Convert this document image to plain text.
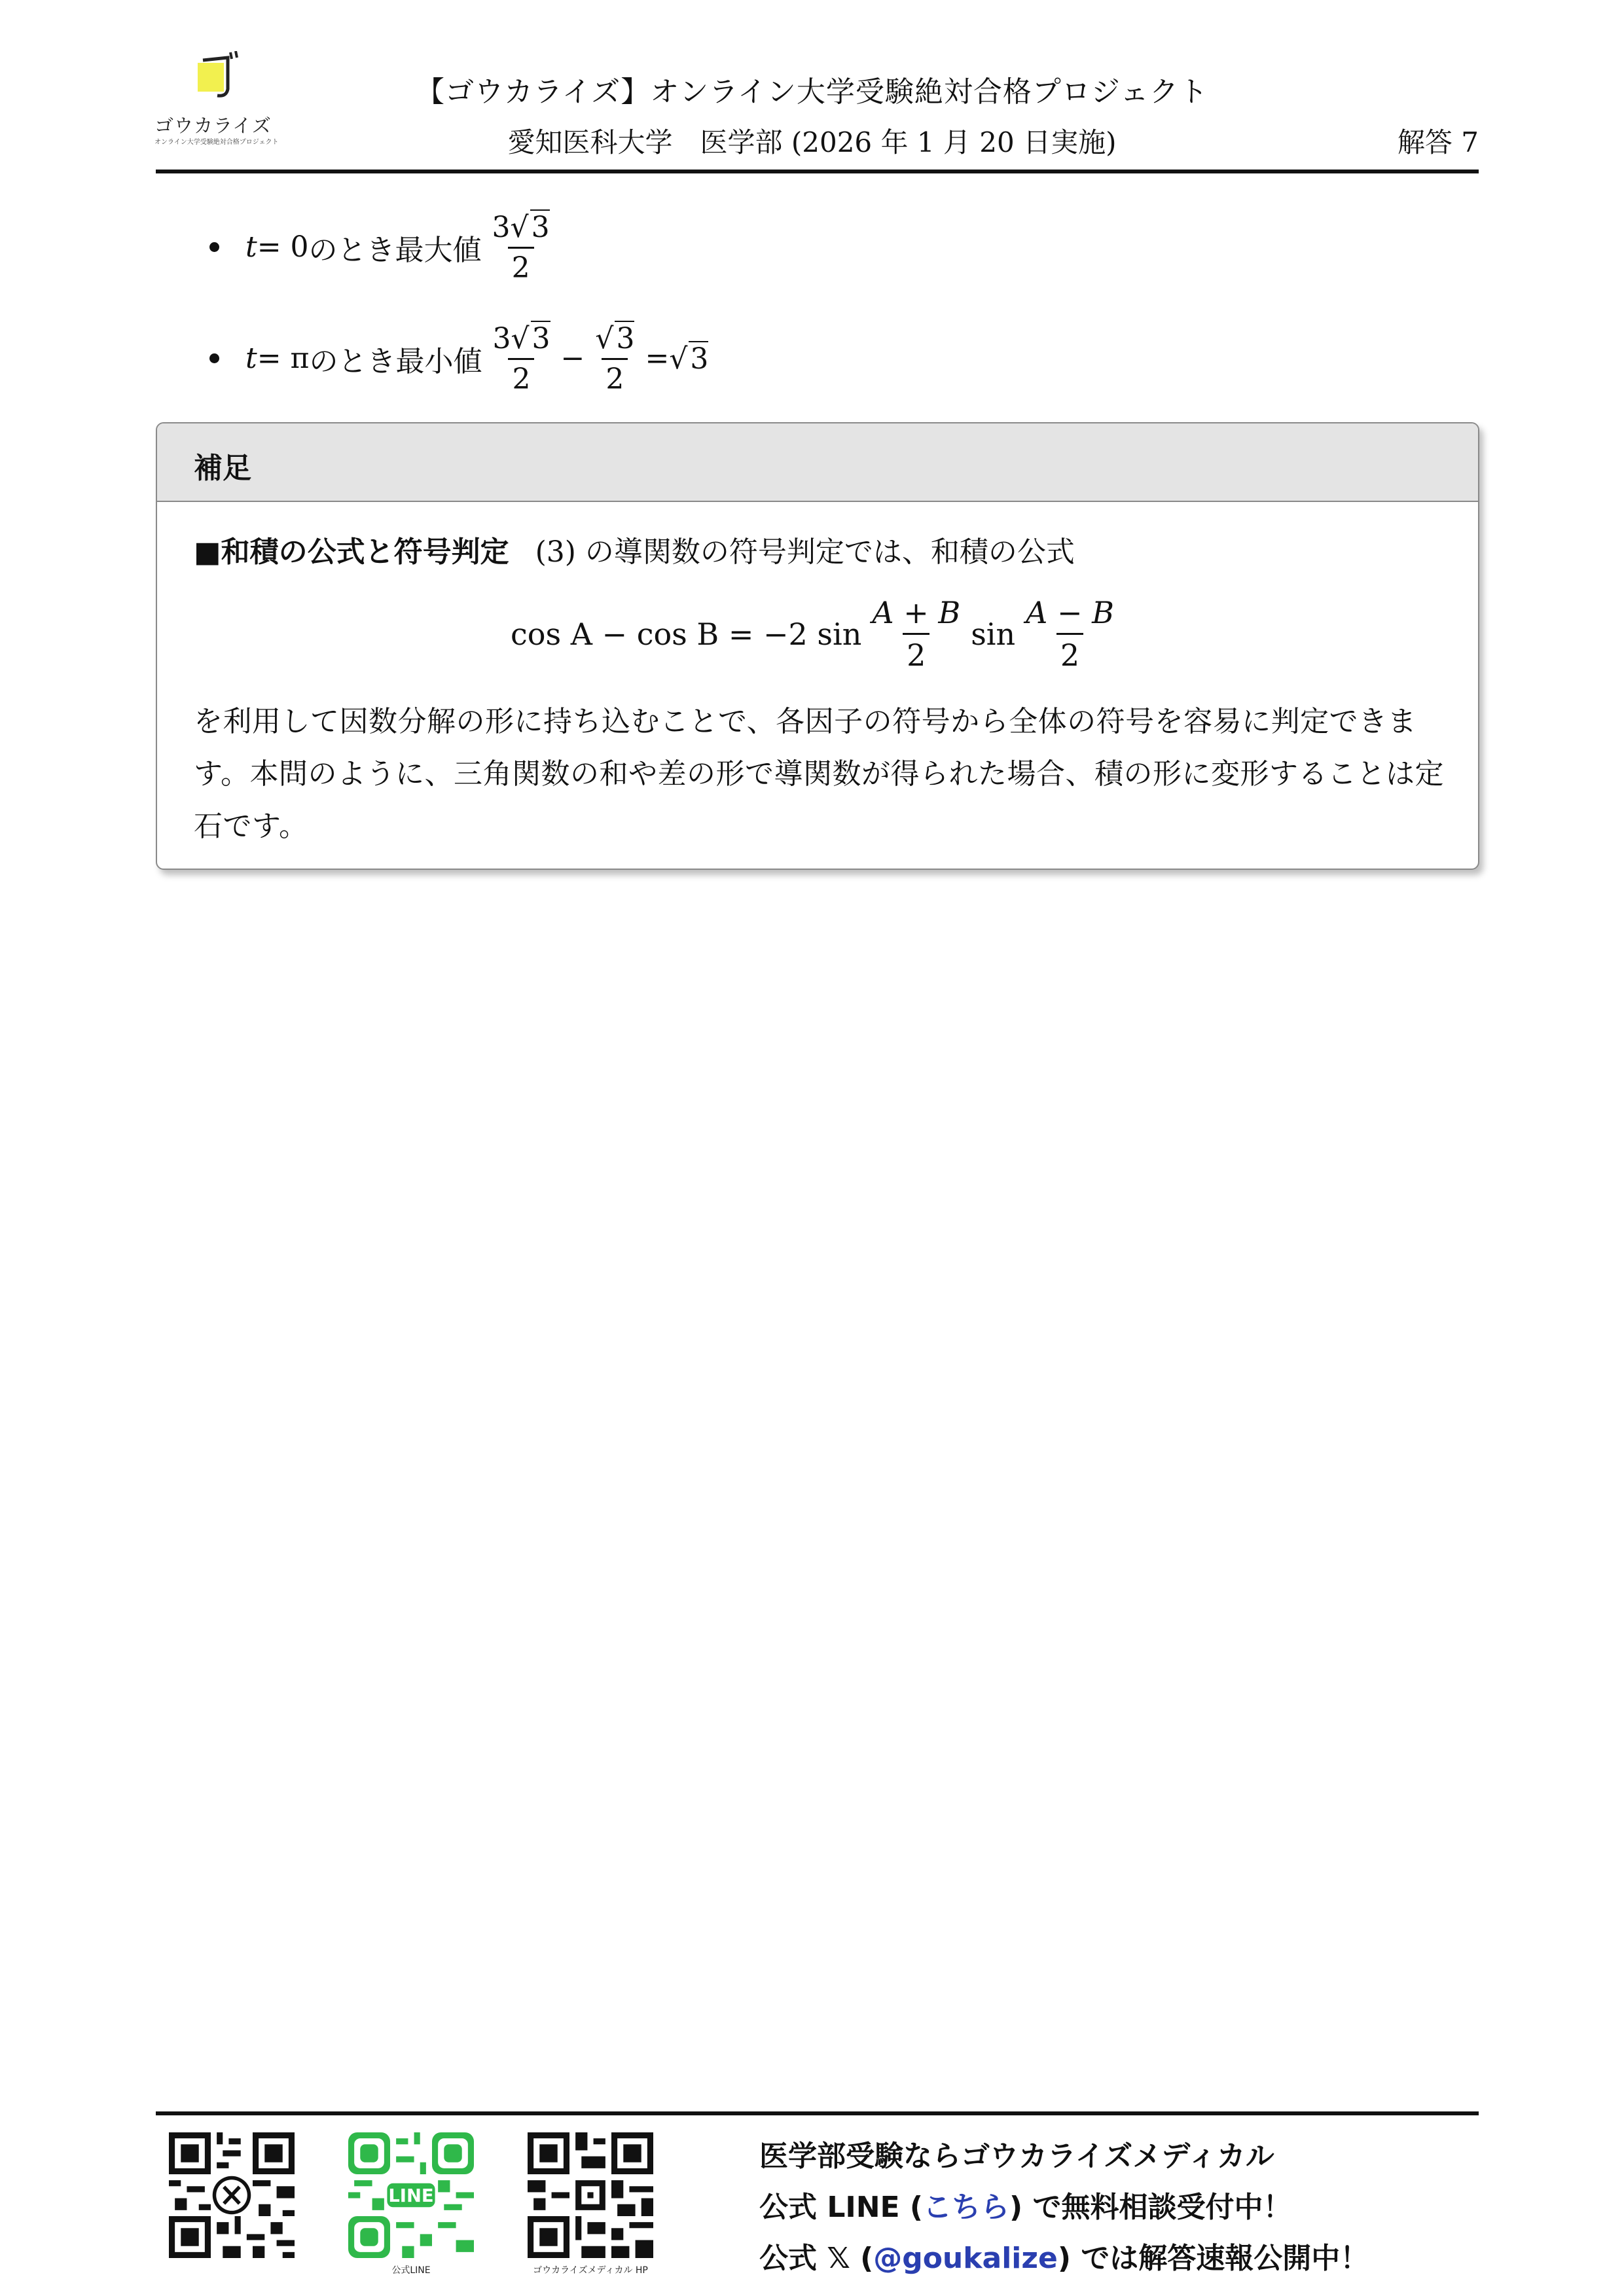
ゴウカライズ
オンライン大学受験絶対合格プロジェクト
【ゴウカライズ】オンライン大学受験絶対合格プロジェクト
愛知医科大学　医学部 (2026 年 1 月 20 日実施)	解答 7
t = 0 のとき最大値 $\frac{3√3}{2}$
t = π のとき最小値 $\frac{3√3}{2} - \frac{√3}{2} = √3$
補足
■和積の公式と符号判定 (3) の導関数の符号判定では、和積の公式
cos A − cos B = −2 $\sin \frac{A + B}{2}$ $\sin \frac{A - B}{2}$
を利用して因数分解の形に持ち込むことで、各因子の符号から全体の符号を容易に判定できます。本問のように、三角関数の和や差の形で導関数が得られた場合、積の形に変形することは定石です。
LINE
公式LINE	ゴウカライズメディカル HP
医学部受験ならゴウカライズメディカル
公式 LINE (こちら) で無料相談受付中！
公式 𝕏 (@goukalize) では解答速報公開中！
